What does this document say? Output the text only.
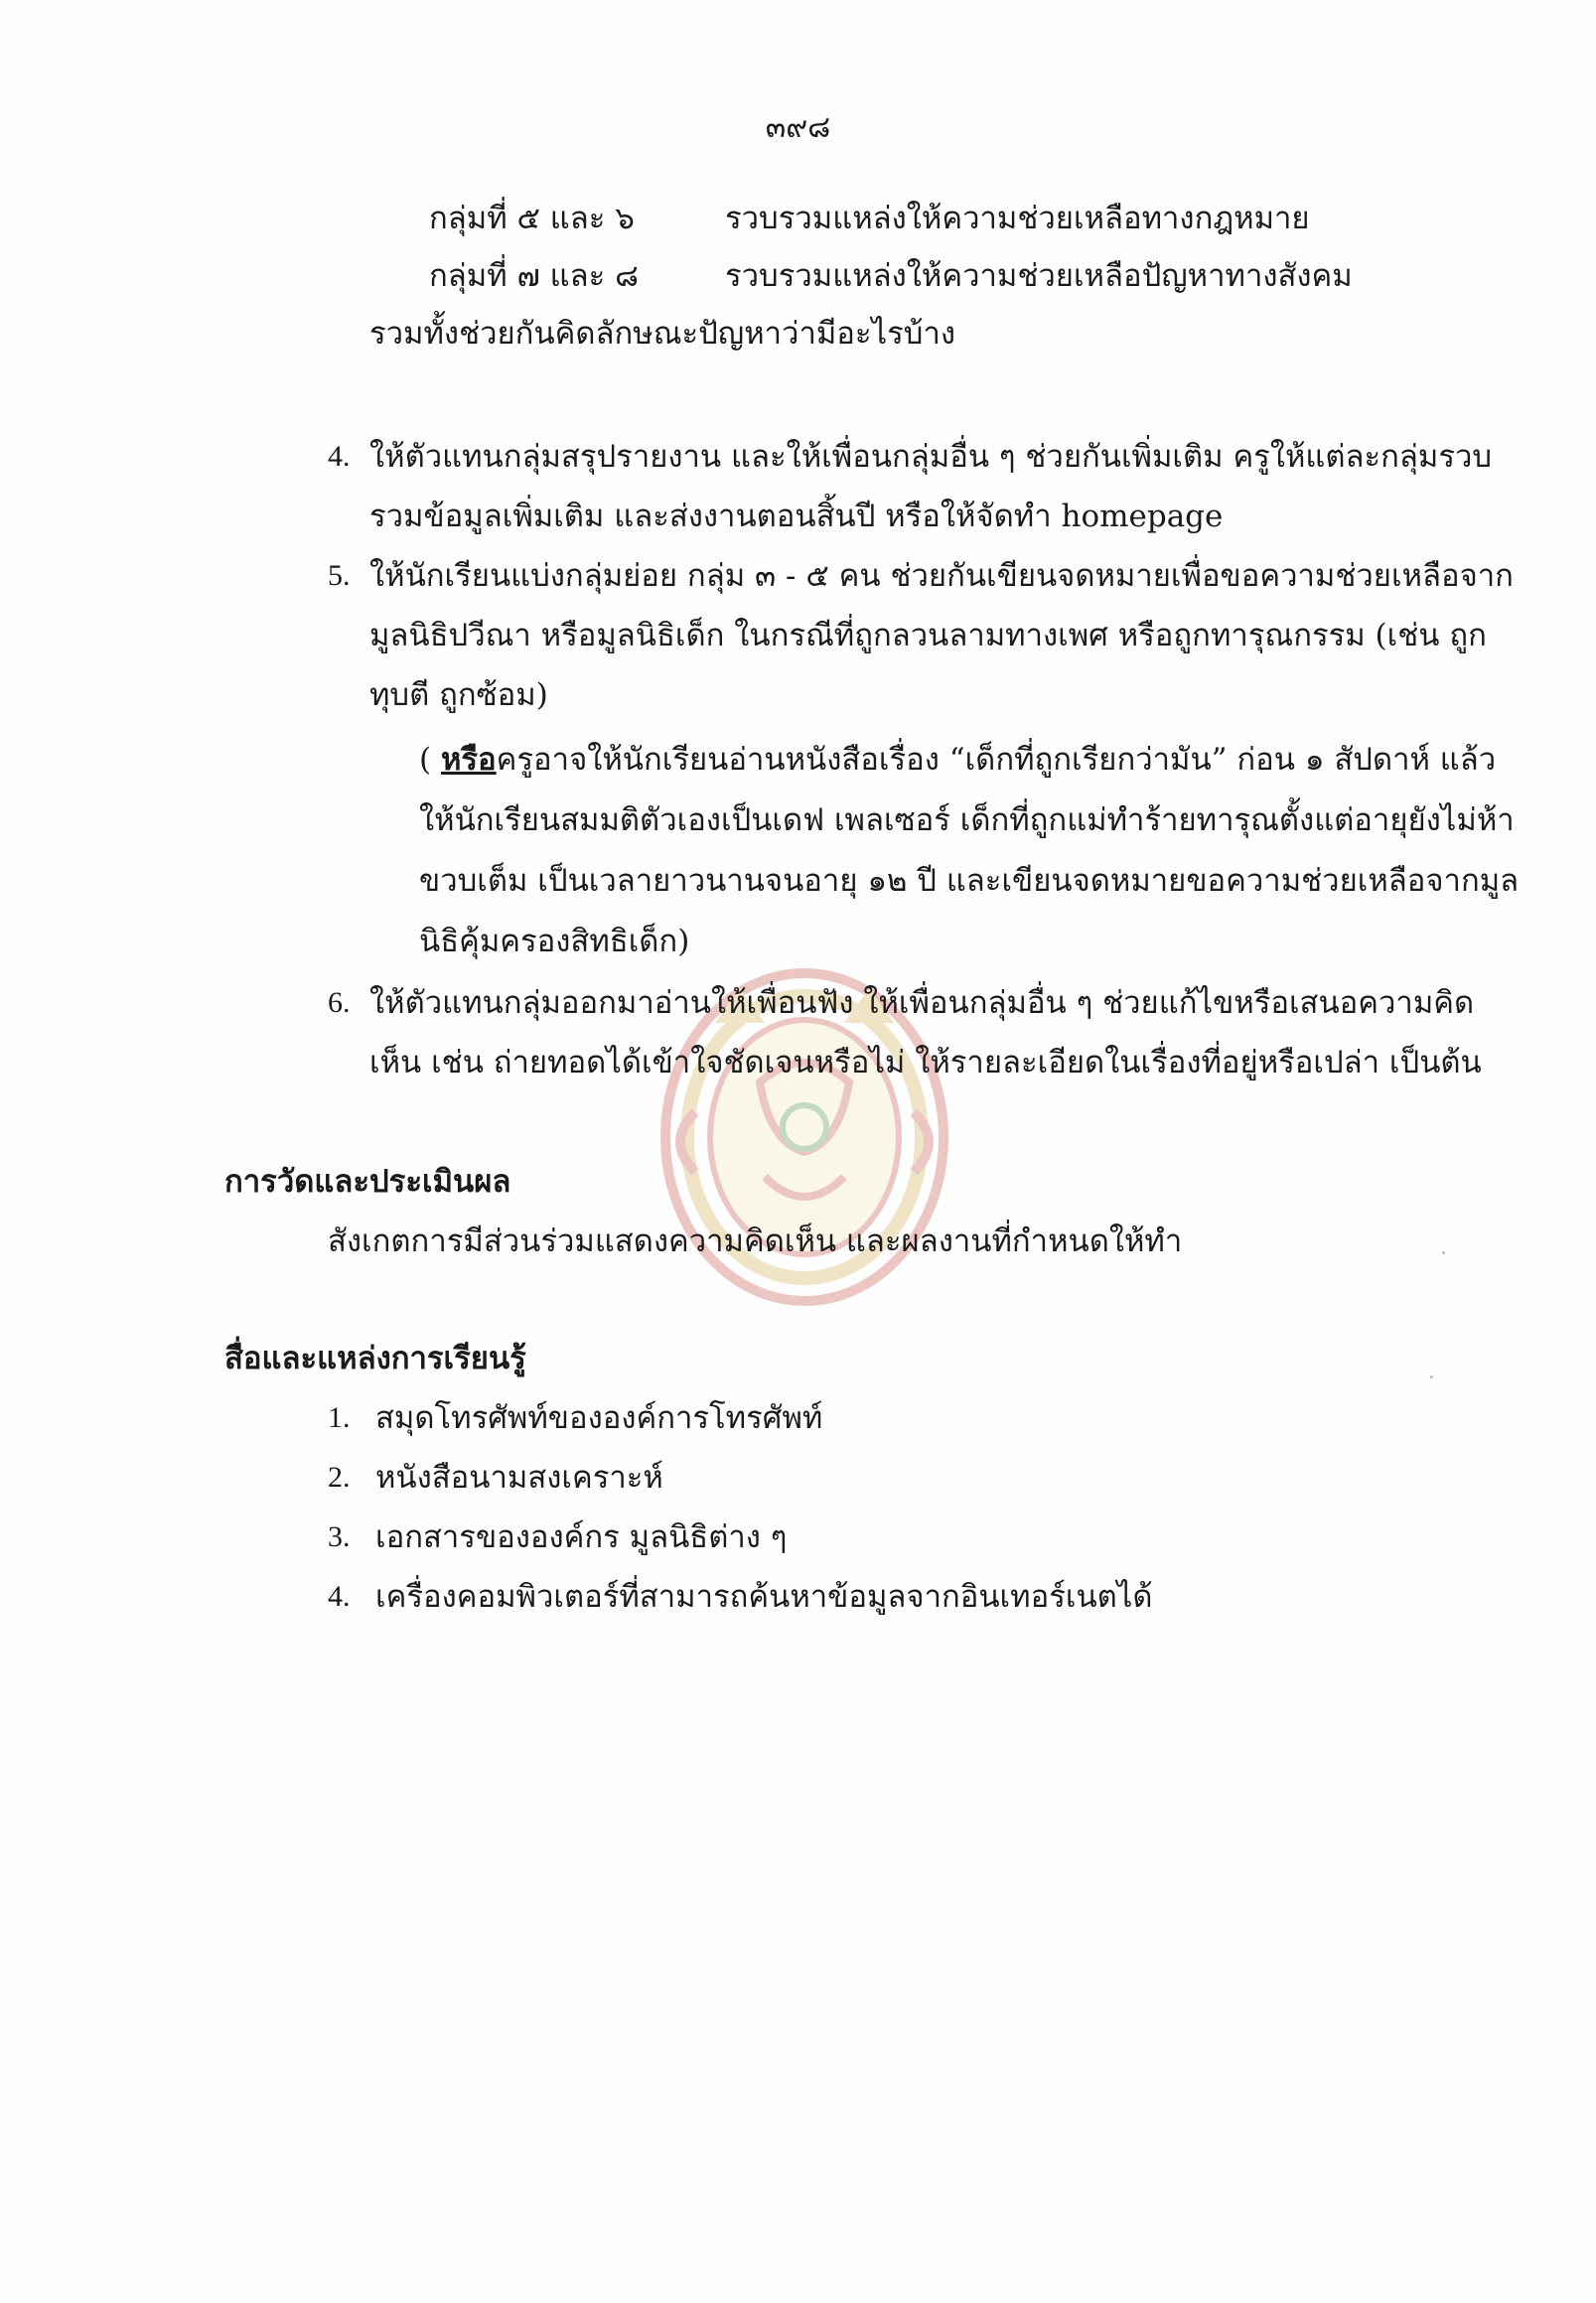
๓๙๘
กลุ่มที่ ๕ และ ๖	รวบรวมแหล่งให้ความช่วยเหลือทางกฎหมาย
กลุ่มที่ ๗ และ ๘	รวบรวมแหล่งให้ความช่วยเหลือปัญหาทางสังคม
รวมทั้งช่วยกันคิดลักษณะปัญหาว่ามีอะไรบ้าง
4. ให้ตัวแทนกลุ่มสรุปรายงาน และให้เพื่อนกลุ่มอื่น ๆ ช่วยกันเพิ่มเติม ครูให้แต่ละกลุ่มรวบ
รวมข้อมูลเพิ่มเติม และส่งงานตอนสิ้นปี หรือให้จัดทำ homepage
5. ให้นักเรียนแบ่งกลุ่มย่อย กลุ่ม ๓ - ๕ คน ช่วยกันเขียนจดหมายเพื่อขอความช่วยเหลือจาก
มูลนิธิปวีณา หรือมูลนิธิเด็ก ในกรณีที่ถูกลวนลามทางเพศ หรือถูกทารุณกรรม (เช่น ถูก
ทุบตี ถูกซ้อม)
( หรือครูอาจให้นักเรียนอ่านหนังสือเรื่อง “เด็กที่ถูกเรียกว่ามัน” ก่อน ๑ สัปดาห์ แล้ว
ให้นักเรียนสมมติตัวเองเป็นเดฟ เพลเซอร์ เด็กที่ถูกแม่ทำร้ายทารุณตั้งแต่อายุยังไม่ห้า
ขวบเต็ม เป็นเวลายาวนานจนอายุ ๑๒ ปี และเขียนจดหมายขอความช่วยเหลือจากมูล
นิธิคุ้มครองสิทธิเด็ก)
6. ให้ตัวแทนกลุ่มออกมาอ่านให้เพื่อนฟัง ให้เพื่อนกลุ่มอื่น ๆ ช่วยแก้ไขหรือเสนอความคิด
เห็น เช่น ถ่ายทอดได้เข้าใจชัดเจนหรือไม่ ให้รายละเอียดในเรื่องที่อยู่หรือเปล่า เป็นต้น
การวัดและประเมินผล
สังเกตการมีส่วนร่วมแสดงความคิดเห็น และผลงานที่กำหนดให้ทำ
สื่อและแหล่งการเรียนรู้
1. สมุดโทรศัพท์ขององค์การโทรศัพท์
2. หนังสือนามสงเคราะห์
3. เอกสารขององค์กร มูลนิธิต่าง ๆ
4. เครื่องคอมพิวเตอร์ที่สามารถค้นหาข้อมูลจากอินเทอร์เนตได้
